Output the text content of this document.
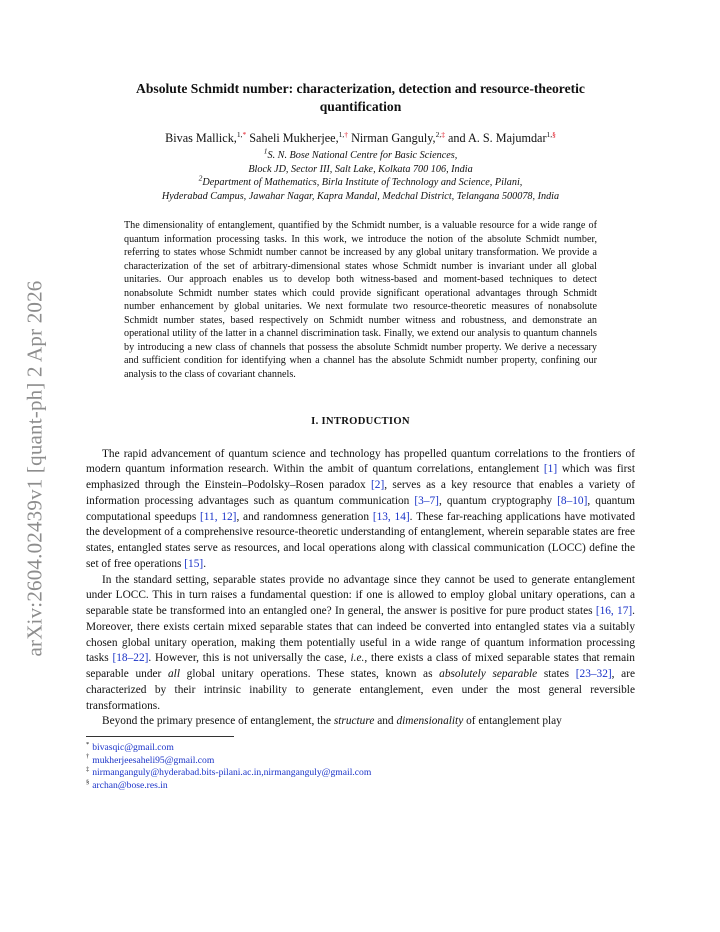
arXiv:2604.02439v1 [quant-ph] 2 Apr 2026
Absolute Schmidt number: characterization, detection and resource-theoretic quantification
Bivas Mallick,$^{1,*}$ Saheli Mukherjee,$^{1,\dagger}$ Nirman Ganguly,$^{2,\ddagger}$ and A. S. Majumdar$^{1,\S}$
$^1$S. N. Bose National Centre for Basic Sciences,
Block JD, Sector III, Salt Lake, Kolkata 700 106, India
$^2$Department of Mathematics, Birla Institute of Technology and Science, Pilani,
Hyderabad Campus, Jawahar Nagar, Kapra Mandal, Medchal District, Telangana 500078, India
The dimensionality of entanglement, quantified by the Schmidt number, is a valuable resource for a wide range of quantum information processing tasks. In this work, we introduce the notion of the absolute Schmidt number, referring to states whose Schmidt number cannot be increased by any global unitary transformation. We provide a characterization of the set of arbitrary-dimensional states whose Schmidt number is invariant under all global unitaries. Our approach enables us to develop both witness-based and moment-based techniques to detect nonabsolute Schmidt number states which could provide significant operational advantages through Schmidt number enhancement by global unitaries. We next formulate two resource-theoretic measures of nonabsolute Schmidt number states, based respectively on Schmidt number witness and robustness, and demonstrate an operational utility of the latter in a channel discrimination task. Finally, we extend our analysis to quantum channels by introducing a new class of channels that possess the absolute Schmidt number property. We derive a necessary and sufficient condition for identifying when a channel has the absolute Schmidt number property, confining our analysis to the class of covariant channels.
I. INTRODUCTION

The rapid advancement of quantum science and technology has propelled quantum correlations to the frontiers of modern quantum information research. Within the ambit of quantum correlations, entanglement [1] which was first emphasized through the Einstein–Podolsky–Rosen paradox [2], serves as a key resource that enables a variety of information processing advantages such as quantum communication [3–7], quantum cryptography [8–10], quantum computational speedups [11, 12], and randomness generation [13, 14]. These far-reaching applications have motivated the development of a comprehensive resource-theoretic understanding of entanglement, wherein separable states are free states, entangled states serve as resources, and local operations along with classical communication (LOCC) define the set of free operations [15].

In the standard setting, separable states provide no advantage since they cannot be used to generate entanglement under LOCC. This in turn raises a fundamental question: if one is allowed to employ global unitary operations, can a separable state be transformed into an entangled one? In general, the answer is positive for pure product states [16, 17]. Moreover, there exists certain mixed separable states that can indeed be converted into entangled states via a suitably chosen global unitary operation, making them potentially useful in a wide range of quantum information processing tasks [18–22]. However, this is not universally the case, i.e., there exists a class of mixed separable states that remain separable under all global unitary operations. These states, known as absolutely separable states [23–32], are characterized by their intrinsic inability to generate entanglement, even under the most general reversible transformations.

Beyond the primary presence of entanglement, the structure and dimensionality of entanglement play

* bivasqic@gmail.com
† mukherjeesaheli95@gmail.com
‡ nirmanganguly@hyderabad.bits-pilani.ac.in,nirmanganguly@gmail.com
§ archan@bose.res.in
